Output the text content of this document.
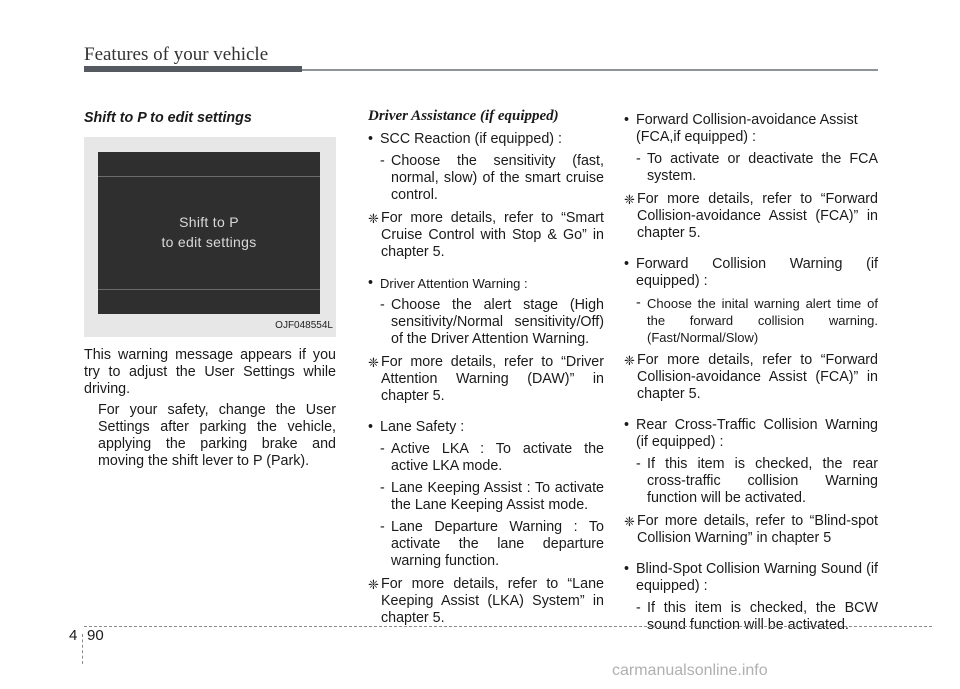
Features of your vehicle
Shift to P to edit settings
Shift to P
to edit settings
OJF048554L

This warning message appears if you try to adjust the User Settings while driving.

For your safety, change the User Settings after parking the vehicle, applying the parking brake and moving the shift lever to P (Park).

Driver Assistance (if equipped)
• SCC Reaction (if equipped) :
- Choose the sensitivity (fast, normal, slow) of the smart cruise control.
❈ For more details, refer to “Smart Cruise Control with Stop & Go” in chapter 5.
• Driver Attention Warning :
- Choose the alert stage (High sensitivity/Normal sensitivity/Off) of the Driver Attention Warning.
❈ For more details, refer to “Driver Attention Warning (DAW)” in chapter 5.
• Lane Safety :
- Active LKA : To activate the active LKA mode.
- Lane Keeping Assist : To activate the Lane Keeping Assist mode.
- Lane Departure Warning : To activate the lane departure warning function.
❈ For more details, refer to “Lane Keeping Assist (LKA) System” in chapter 5.
• Forward Collision-avoidance Assist (FCA,if equipped) :
- To activate or deactivate the FCA system.
❈ For more details, refer to “Forward Collision-avoidance Assist (FCA)” in chapter 5.
• Forward Collision Warning (if equipped) :
- Choose the inital warning alert time of the forward collision warning. (Fast/Normal/Slow)
❈ For more details, refer to “Forward Collision-avoidance Assist (FCA)” in chapter 5.
• Rear Cross-Traffic Collision Warning (if equipped) :
- If this item is checked, the rear cross-traffic collision Warning function will be activated.
❈ For more details, refer to “Blind-spot Collision Warning” in chapter 5
• Blind-Spot Collision Warning Sound (if equipped) :
- If this item is checked, the BCW sound function will be activated.
4 90
carmanualsonline.info
